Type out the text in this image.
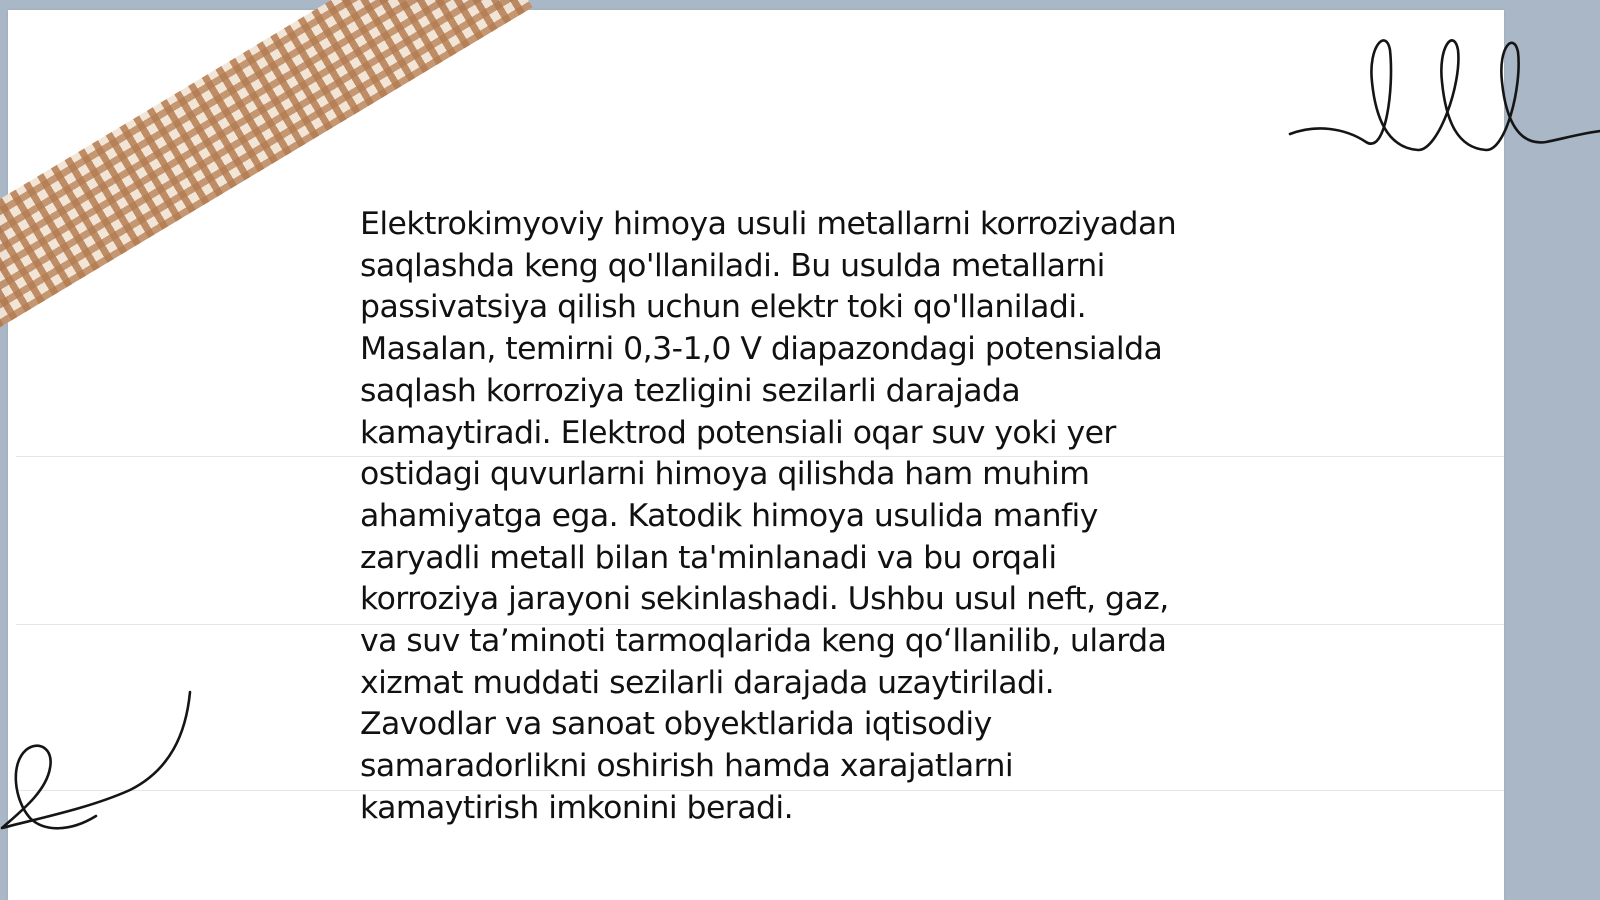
Elektrokimyoviy himoya usuli metallarni korroziyadan
saqlashda keng qo'llaniladi. Bu usulda metallarni
passivatsiya qilish uchun elektr toki qo'llaniladi.
Masalan, temirni 0,3-1,0 V diapazondagi potensialda
saqlash korroziya tezligini sezilarli darajada
kamaytiradi. Elektrod potensiali oqar suv yoki yer
ostidagi quvurlarni himoya qilishda ham muhim
ahamiyatga ega. Katodik himoya usulida manfiy
zaryadli metall bilan ta'minlanadi va bu orqali
korroziya jarayoni sekinlashadi. Ushbu usul neft, gaz,
va suv ta’minoti tarmoqlarida keng qo‘llanilib, ularda
xizmat muddati sezilarli darajada uzaytiriladi.
Zavodlar va sanoat obyektlarida iqtisodiy
samaradorlikni oshirish hamda xarajatlarni
kamaytirish imkonini beradi.
